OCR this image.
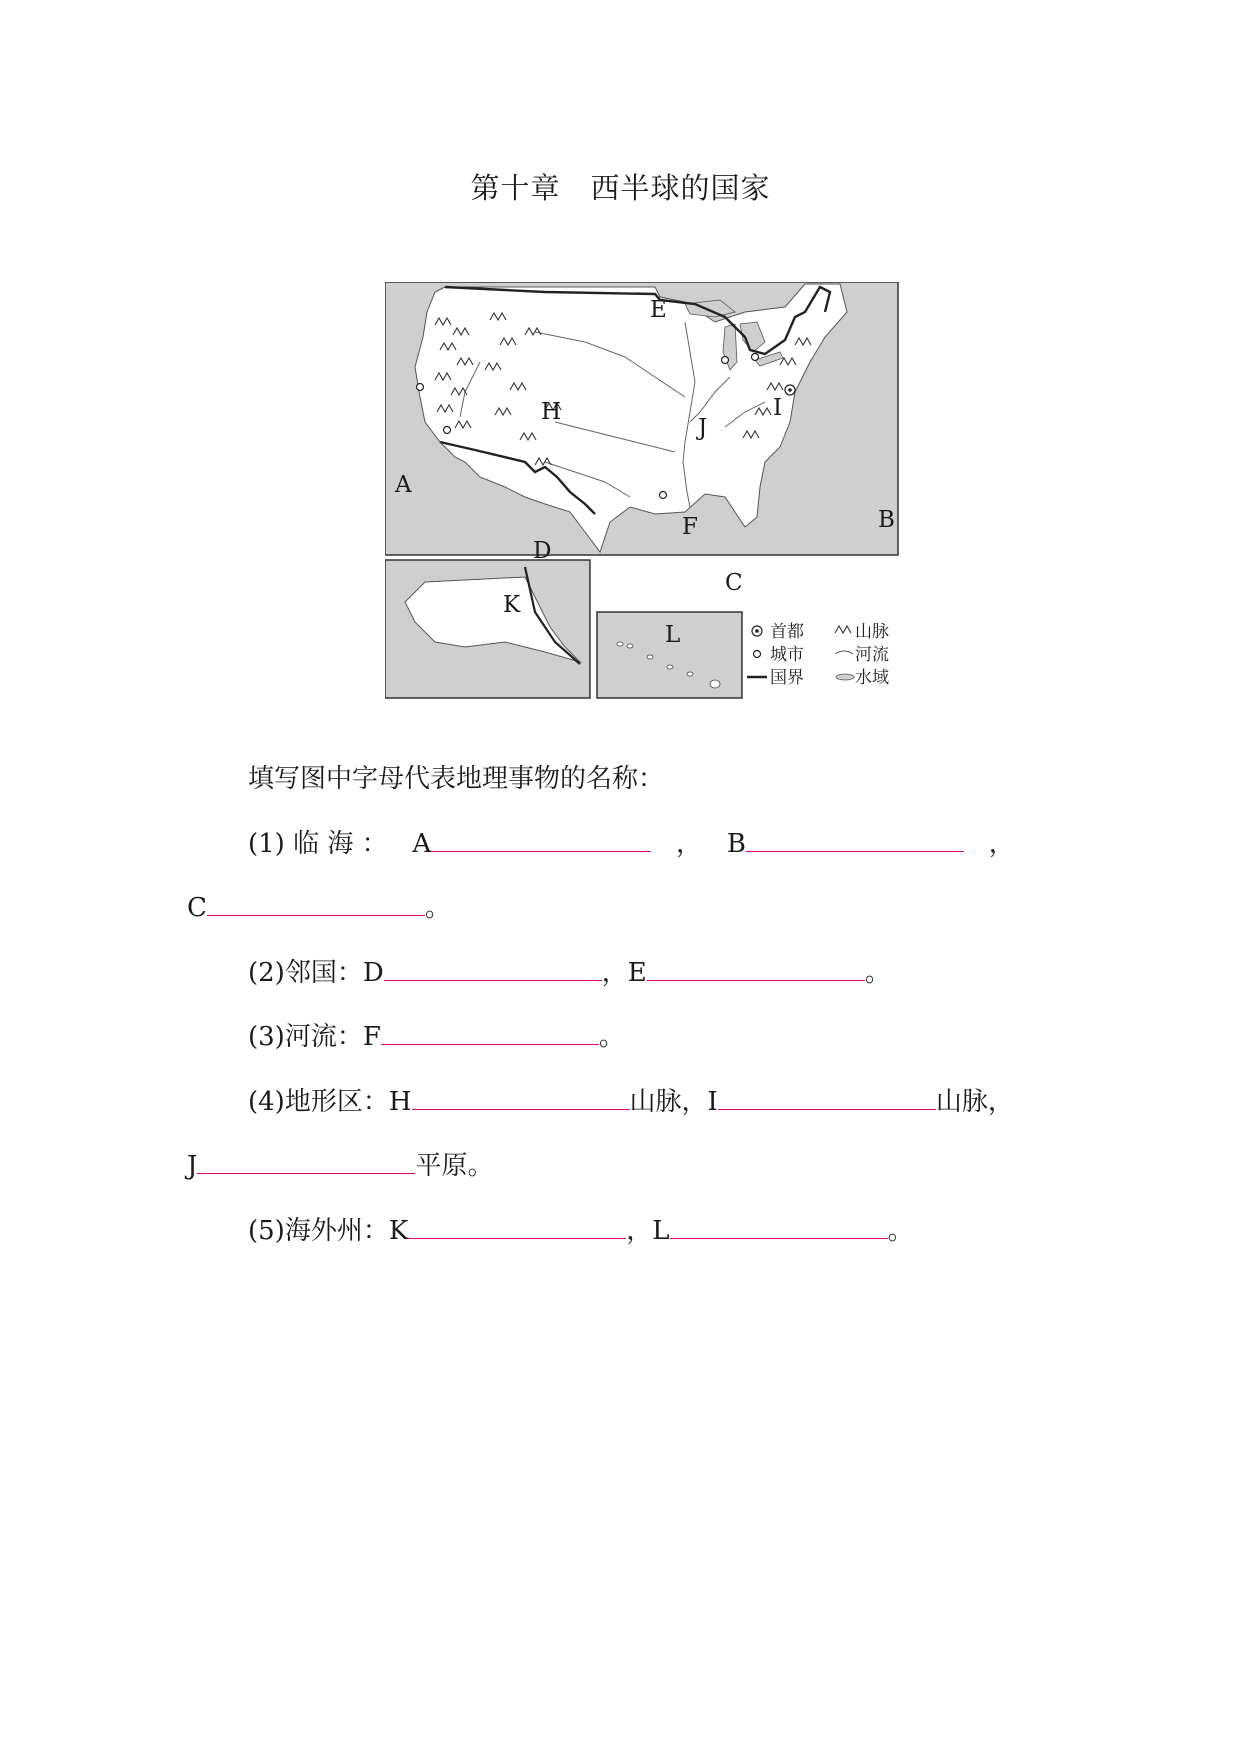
第十章　西半球的国家
首都
城市
国界
山脉
河流
水域
A
B
C
D
E
F
H	I
J
K
L
填写图中字母代表地理事物的名称：
(1) 临 海 ： A	， B	，
C	。
(2)邻国：D	，E	。
(3)河流：F	。
(4)地形区：H	山脉，I	山脉，
J	平原。
(5)海外州：K	，L	。
